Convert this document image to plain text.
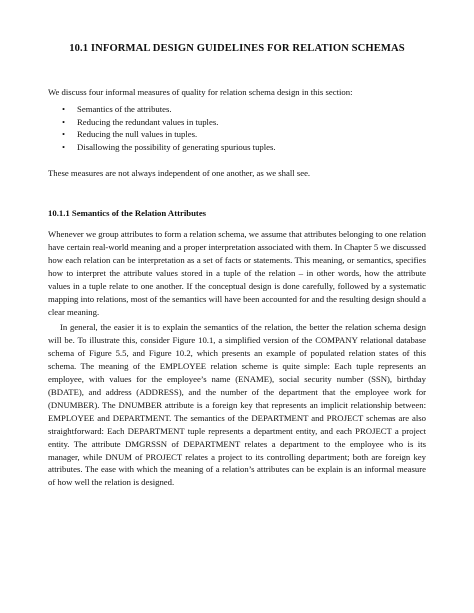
10.1 INFORMAL DESIGN GUIDELINES FOR RELATION SCHEMAS
We discuss four informal measures of quality for relation schema design in this section:
• Semantics of the attributes.
• Reducing the redundant values in tuples.
• Reducing the null values in tuples.
• Disallowing the possibility of generating spurious tuples.
These measures are not always independent of one another, as we shall see.
10.1.1 Semantics of the Relation Attributes

Whenever we group attributes to form a relation schema, we assume that attributes belonging to one relation have certain real-world meaning and a proper interpretation associated with them. In Chapter 5 we discussed how each relation can be interpretation as a set of facts or statements. This meaning, or semantics, specifies how to interpret the attribute values stored in a tuple of the relation – in other words, how the attribute values in a tuple relate to one another. If the conceptual design is done carefully, followed by a systematic mapping into relations, most of the semantics will have been accounted for and the resulting design should a clear meaning.

In general, the easier it is to explain the semantics of the relation, the better the relation schema design will be. To illustrate this, consider Figure 10.1, a simplified version of the COMPANY relational database schema of Figure 5.5, and Figure 10.2, which presents an example of populated relation states of this schema. The meaning of the EMPLOYEE relation scheme is quite simple: Each tuple represents an employee, with values for the employee’s name (ENAME), social security number (SSN), birthday (BDATE), and address (ADDRESS), and the number of the department that the employee work for (DNUMBER). The DNUMBER attribute is a foreign key that represents an implicit relationship between: EMPLOYEE and DEPARTMENT. The semantics of the DEPARTMENT and PROJECT schemas are also straightforward: Each DEPARTMENT tuple represents a department entity, and each PROJECT a project entity. The attribute DMGRSSN of DEPARTMENT relates a department to the employee who is its manager, while DNUM of PROJECT relates a project to its controlling department; both are foreign key attributes. The ease with which the meaning of a relation’s attributes can be explain is an informal measure of how well the relation is designed.
